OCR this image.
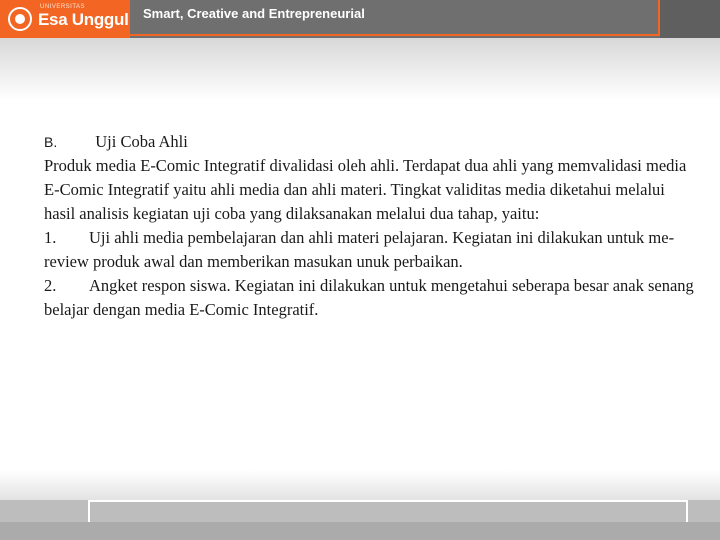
UNIVERSITAS
Esa Unggul Smart, Creative and Entrepreneurial

B. Uji Coba Ahli

Produk media E-Comic Integratif divalidasi oleh ahli. Terdapat dua ahli yang memvalidasi media E-Comic Integratif yaitu ahli media dan ahli materi. Tingkat validitas media diketahui melalui hasil analisis kegiatan uji coba yang dilaksanakan melalui dua tahap, yaitu:

1. Uji ahli media pembelajaran dan ahli materi pelajaran. Kegiatan ini dilakukan untuk me-review produk awal dan memberikan masukan unuk perbaikan.

2. Angket respon siswa. Kegiatan ini dilakukan untuk mengetahui seberapa besar anak senang belajar dengan media E-Comic Integratif.
